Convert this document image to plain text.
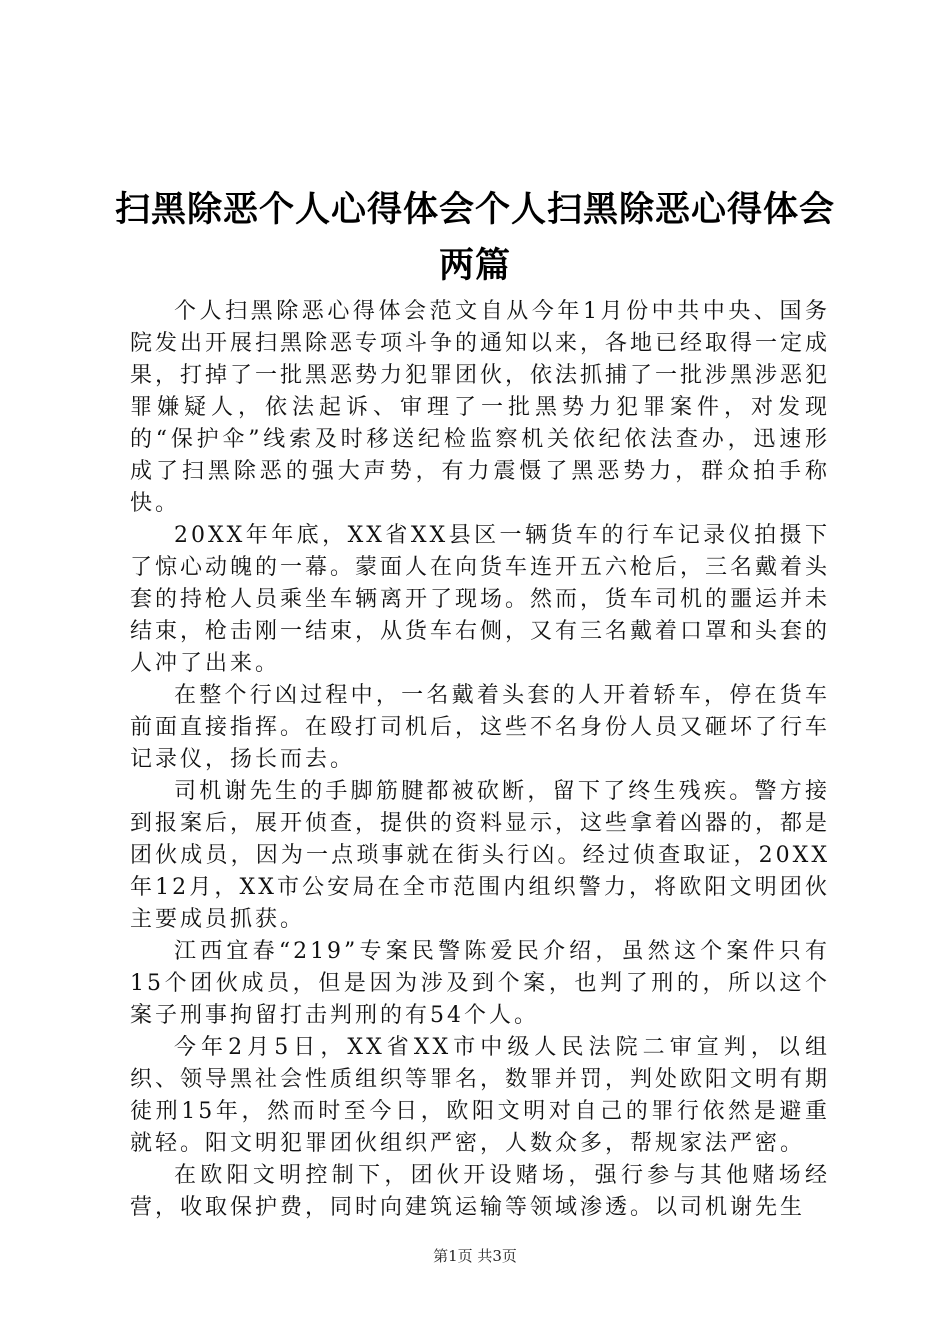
扫黑除恶个人心得体会个人扫黑除恶心得体会
两篇

个人扫黑除恶心得体会范文自从今年1月份中共中央、国务院发出开展扫黑除恶专项斗争的通知以来，各地已经取得一定成果，打掉了一批黑恶势力犯罪团伙，依法抓捕了一批涉黑涉恶犯罪嫌疑人，依法起诉、审理了一批黑势力犯罪案件，对发现的“保护伞”线索及时移送纪检监察机关依纪依法查办，迅速形成了扫黑除恶的强大声势，有力震慑了黑恶势力，群众拍手称快。

20XX年年底，XX省XX县区一辆货车的行车记录仪拍摄下了惊心动魄的一幕。蒙面人在向货车连开五六枪后，三名戴着头套的持枪人员乘坐车辆离开了现场。然而，货车司机的噩运并未结束，枪击刚一结束，从货车右侧，又有三名戴着口罩和头套的人冲了出来。

在整个行凶过程中，一名戴着头套的人开着轿车，停在货车前面直接指挥。在殴打司机后，这些不名身份人员又砸坏了行车记录仪，扬长而去。

司机谢先生的手脚筋腱都被砍断，留下了终生残疾。警方接到报案后，展开侦查，提供的资料显示，这些拿着凶器的，都是团伙成员，因为一点琐事就在街头行凶。经过侦查取证，20XX年12月，XX市公安局在全市范围内组织警力，将欧阳文明团伙主要成员抓获。

江西宜春“219”专案民警陈爱民介绍，虽然这个案件只有15个团伙成员，但是因为涉及到个案，也判了刑的，所以这个案子刑事拘留打击判刑的有54个人。

今年2月5日，XX省XX市中级人民法院二审宣判，以组织、领导黑社会性质组织等罪名，数罪并罚，判处欧阳文明有期徒刑15年，然而时至今日，欧阳文明对自己的罪行依然是避重就轻。阳文明犯罪团伙组织严密，人数众多，帮规家法严密。

在欧阳文明控制下，团伙开设赌场，强行参与其他赌场经营，收取保护费，同时向建筑运输等领域渗透。以司机谢先生

第1页 共3页
